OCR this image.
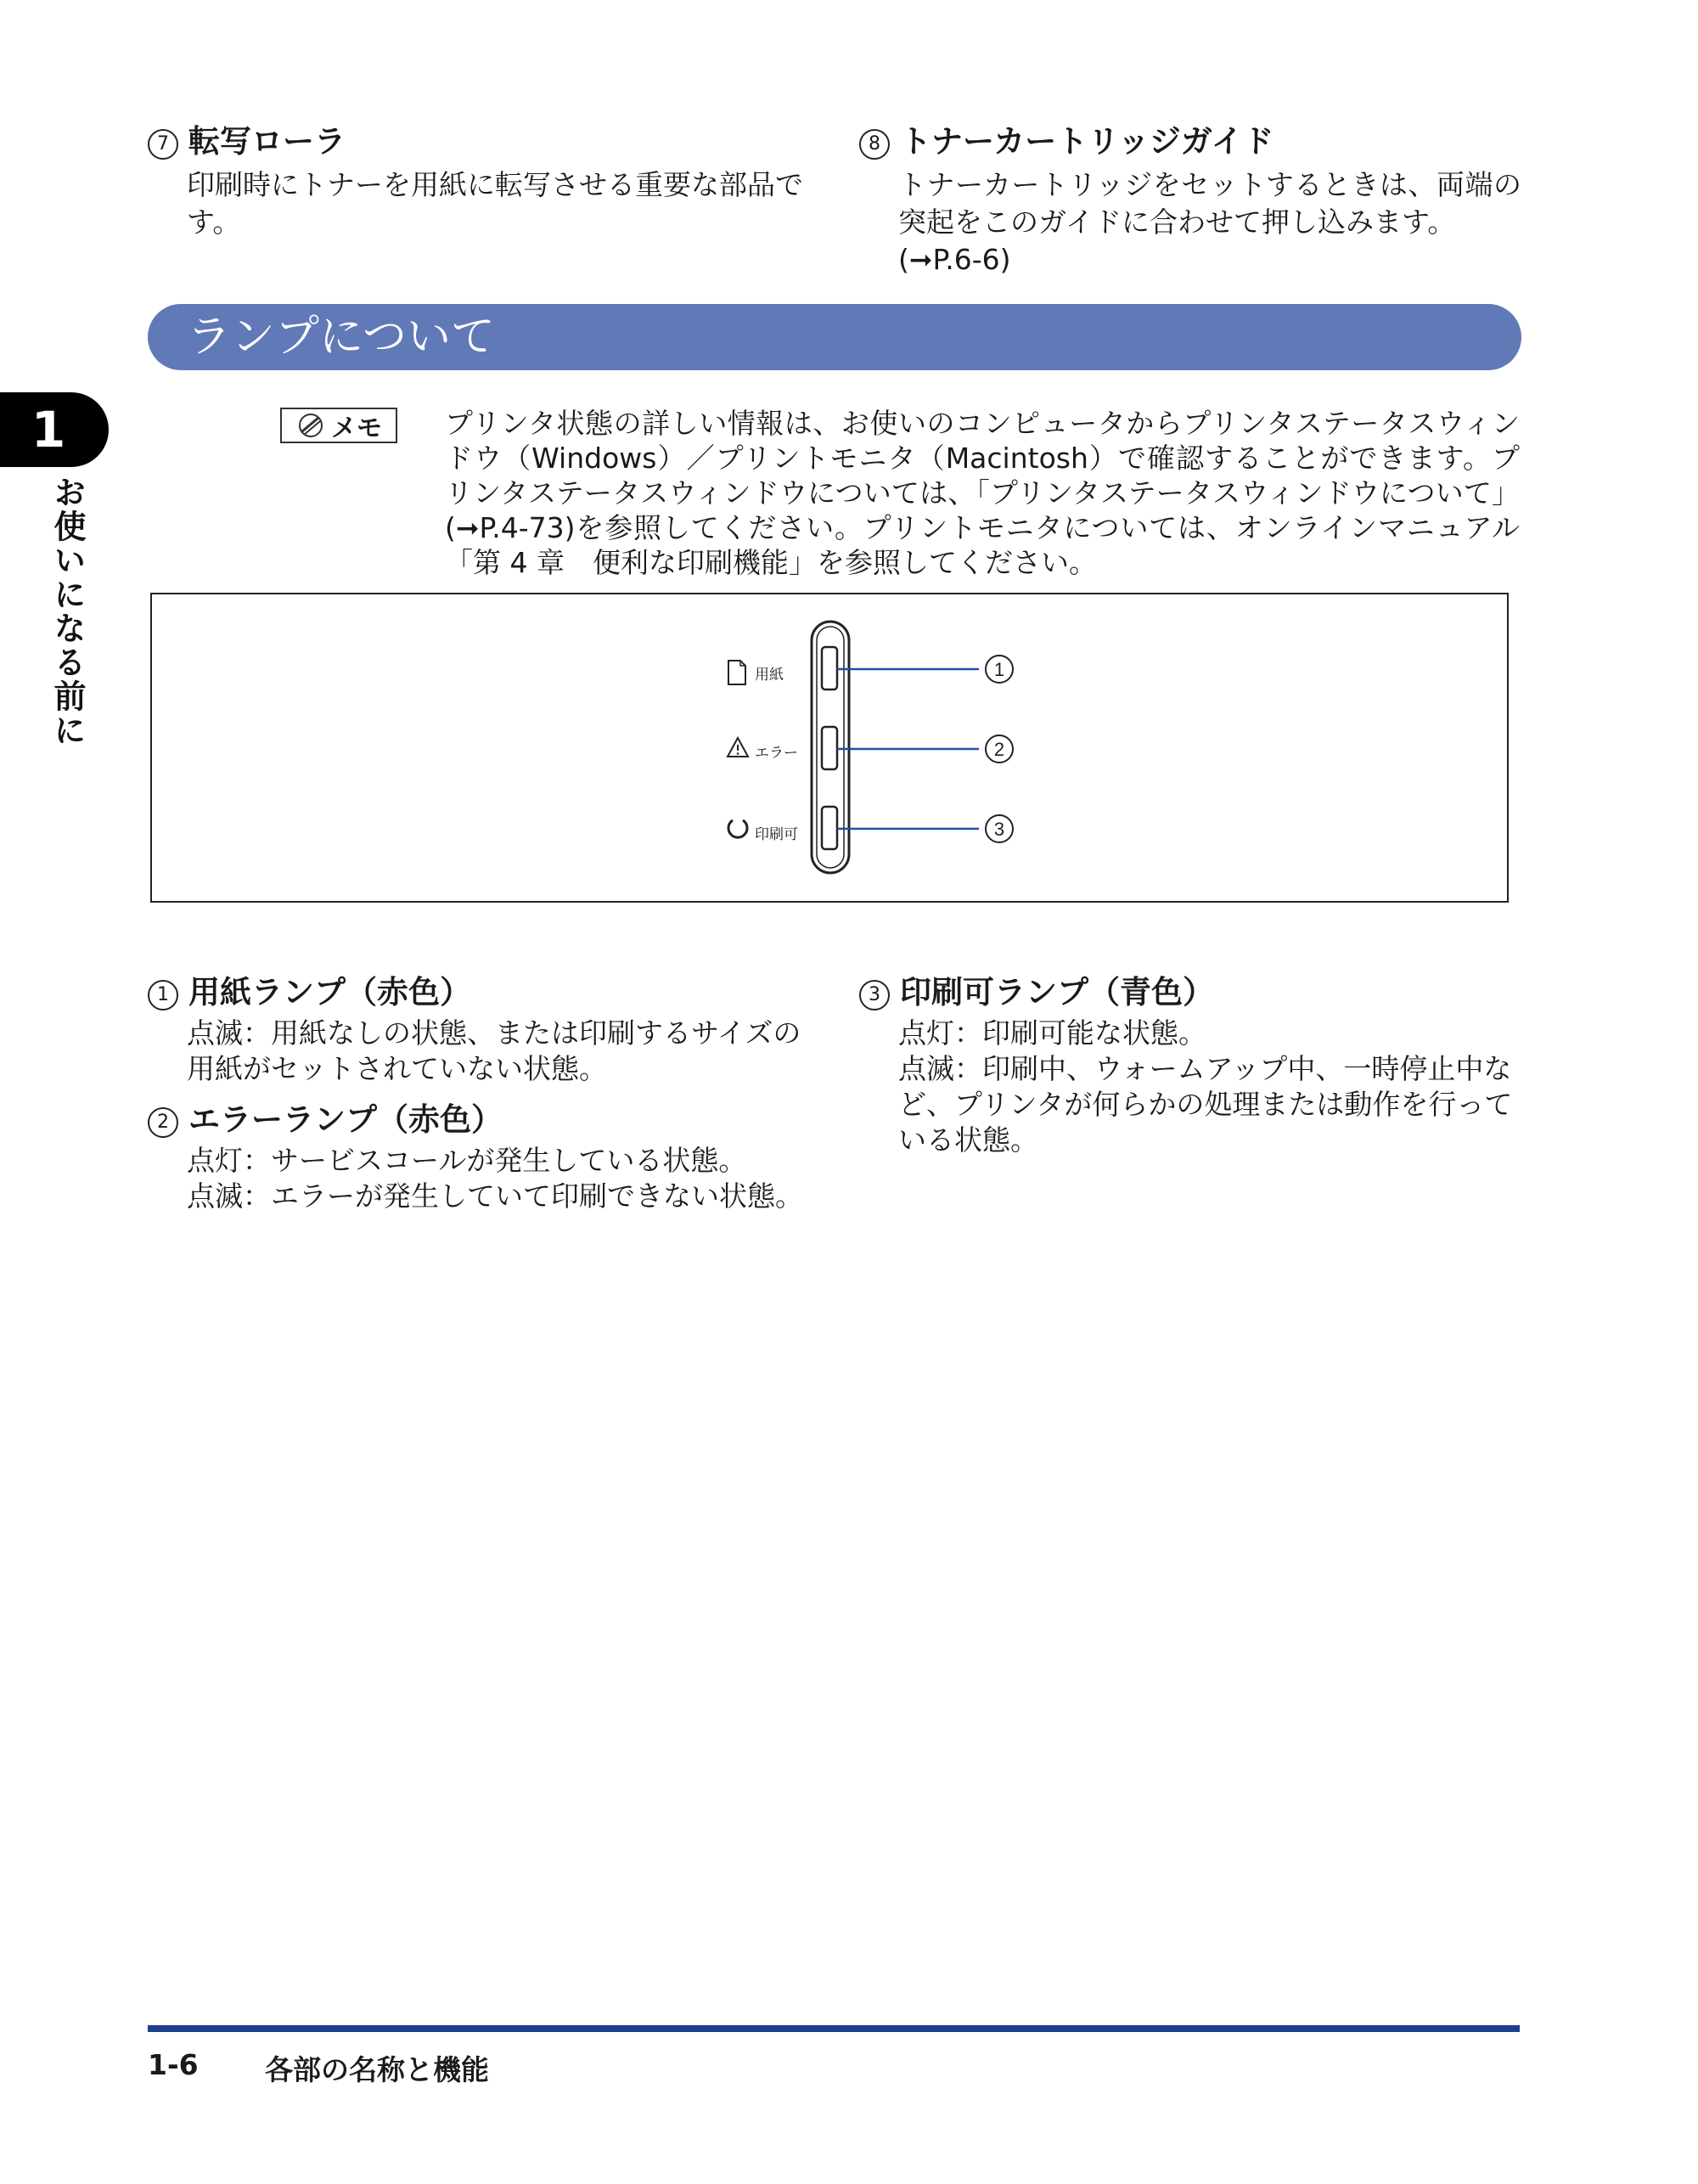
1
お使いになる前に
7 転写ローラ
印刷時にトナーを用紙に転写させる重要な部品です。
8 トナーカートリッジガイド
トナーカートリッジをセットするときは、両端の突起をこのガイドに合わせて押し込みます。
(➞P.6-6)
ランプについて
メモ プリンタ状態の詳しい情報は、お使いのコンピュータからプリンタステータスウィンドウ（Windows）／プリントモニタ（Macintosh）で確認することができます。プリンタステータスウィンドウについては、「プリンタステータスウィンドウについて」(➞P.4-73)を参照してください。プリントモニタについては、オンラインマニュアル「第 4 章　便利な印刷機能」を参照してください。
1
2
3
用紙
エラー
印刷可
1 用紙ランプ（赤色）
点滅：用紙なしの状態、または印刷するサイズの用紙がセットされていない状態。
2 エラーランプ（赤色）
点灯：サービスコールが発生している状態。
点滅：エラーが発生していて印刷できない状態。
3 印刷可ランプ（青色）
点灯：印刷可能な状態。
点滅：印刷中、ウォームアップ中、一時停止中など、プリンタが何らかの処理または動作を行っている状態。
1-6 各部の名称と機能
